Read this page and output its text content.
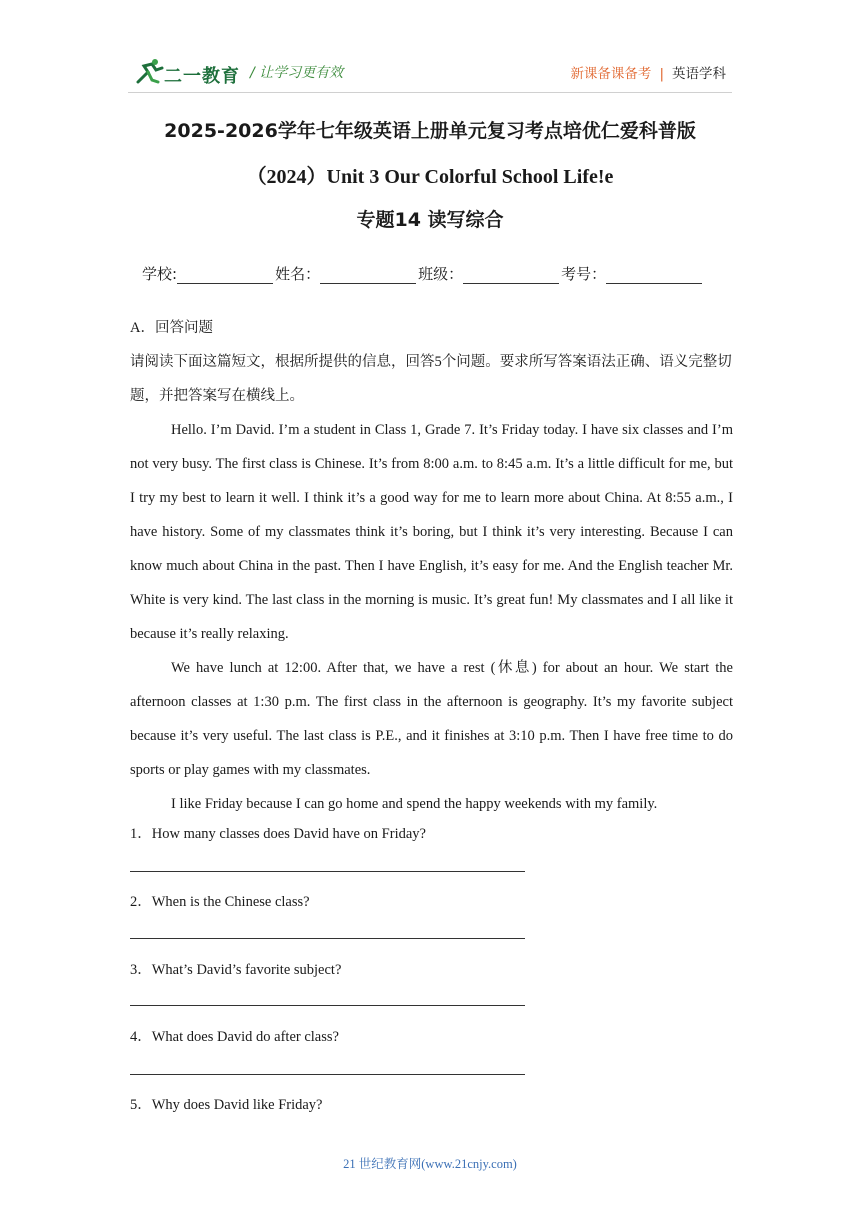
二一教育 / 让学习更有效	新课备课备考 | 英语学科
2025-2026学年七年级英语上册单元复习考点培优仁爱科普版
（2024）Unit 3 Our Colorful School Life!e
专题14 读写综合
学校:	姓名：	班级：	考号：
A．回答问题
请阅读下面这篇短文，根据所提供的信息，回答5个问题。要求所写答案语法正确、语义完整切题，并把答案写在横线上。
Hello. I’m David. I’m a student in Class 1, Grade 7. It’s Friday today. I have six classes and I’m not very busy. The first class is Chinese. It’s from 8:00 a.m. to 8:45 a.m. It’s a little difficult for me, but I try my best to learn it well. I think it’s a good way for me to learn more about China. At 8:55 a.m., I have history. Some of my classmates think it’s boring, but I think it’s very interesting. Because I can know much about China in the past. Then I have English, it’s easy for me. And the English teacher Mr. White is very kind. The last class in the morning is music. It’s great fun! My classmates and I all like it because it’s really relaxing.
We have lunch at 12:00. After that, we have a rest (休息) for about an hour. We start the afternoon classes at 1:30 p.m. The first class in the afternoon is geography. It’s my favorite subject because it’s very useful. The last class is P.E., and it finishes at 3:10 p.m. Then I have free time to do sports or play games with my classmates.
I like Friday because I can go home and spend the happy weekends with my family.
1．How many classes does David have on Friday?
2．When is the Chinese class?
3．What’s David’s favorite subject?
4．What does David do after class?
5．Why does David like Friday?
21 世纪教育网(www.21cnjy.com)
